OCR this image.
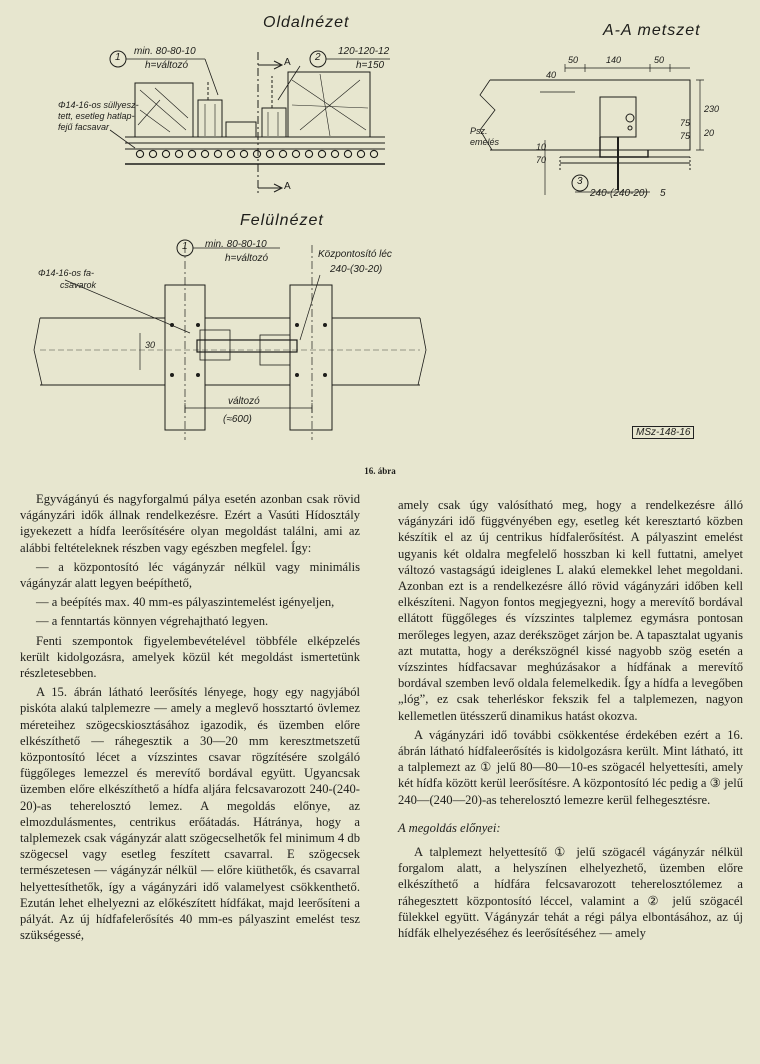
Oldalnézet	A-A metszet
Felülnézet
1
min. 80-80-10
h=változó
2
120-120-12
h=150
Φ14-16-os süllyesz-
tett, esetleg hatlap-
fejű facsavar
A
A
40
50	140	50
230
75
75 20
10
70
Psz.
emelés
3
240-(240-20) 5
1 min. 80-80-10
h=változó
Φ14-16-os fa-
csavarok
Központosító léc
240-(30-20)
30
változó
(≈600)
MSz-148-16
16. ábra

Egyvágányú és nagyforgalmú pálya esetén azonban csak rövid vágányzári idők állnak rendelkezésre. Ezért a Vasúti Hídosztály igyekezett a hídfa leerősítésére olyan megoldást találni, ami az alábbi feltételeknek részben vagy egészben megfelel. Így:

— a központosító léc vágányzár nélkül vagy minimális vágányzár alatt legyen beépíthető,

— a beépítés max. 40 mm-es pályaszintemelést igényeljen,

— a fenntartás könnyen végrehajtható legyen.

Fenti szempontok figyelembevételével többféle elképzelés került kidolgozásra, amelyek közül két megoldást ismertetünk részletesebben.

A 15. ábrán látható leerősítés lényege, hogy egy nagyjából piskóta alakú talplemezre — amely a meglevő hossztartó övlemez méreteihez szögecskiosztásához igazodik, és üzemben előre elkészíthető — ráhegesztik a 30—20 mm keresztmetszetű központosító lécet a vízszintes csavar rögzítésére szolgáló függőleges lemezzel és merevítő bordával együtt. Ugyancsak üzemben előre elkészíthető a hídfa aljára felcsavarozott 240-(240-20)-as teherelosztó lemez. A megoldás előnye, az elmozdulásmentes, centrikus erőátadás. Hátránya, hogy a talplemezek csak vágányzár alatt szögecselhetők fel minimum 4 db szögecsel vagy esetleg feszített csavarral. E szögecsek természetesen — vágányzár nélkül — előre kiüthetők, és csavarral helyettesíthetők, így a vágányzári idő valamelyest csökkenthető. Ezután lehet elhelyezni az előkészített hídfákat, majd leerősíteni a pályát. Az új hídfafelerősítés 40 mm-es pályaszint emelést tesz szükségessé,

amely csak úgy valósítható meg, hogy a rendelkezésre álló vágányzári idő függvényében egy, esetleg két keresztartó közben készítik el az új centrikus hídfalerősítést. A pályaszint emelést ugyanis két oldalra megfelelő hosszban ki kell futtatni, amelyet változó vastagságú ideiglenes L alakú elemekkel lehet megoldani. Azonban ezt is a rendelkezésre álló rövid vágányzári időben kell elkészíteni. Nagyon fontos megjegyezni, hogy a merevítő bordával ellátott függőleges és vízszintes talplemez egymásra pontosan merőleges legyen, azaz derékszöget zárjon be. A tapasztalat ugyanis azt mutatta, hogy a derékszögnél kissé nagyobb szög esetén a vízszintes hídfacsavar meghúzásakor a hídfának a merevítő bordával szemben levő oldala felemelkedik. Így a hídfa a levegőben „lóg”, ez csak teherléskor fekszik fel a talplemezen, nagyon kellemetlen ütésszerű dinamikus hatást okozva.

A vágányzári idő további csökkentése érdekében ezért a 16. ábrán látható hídfaleerősítés is kidolgozásra került. Mint látható, itt a talplemezt az ① jelű 80—80—10-es szögacél helyettesíti, amely két hídfa között kerül leerősítésre. A központosító léc pedig a ③ jelű 240—(240—20)-as teherelosztó lemezre kerül felhegesztésre.

A megoldás előnyei:

A talplemezt helyettesítő ① jelű szögacél vágányzár nélkül forgalom alatt, a helyszínen elhelyezhető, üzemben előre elkészíthető a hídfára felcsavarozott teherelosztólemez a ráhegesztett központosító léccel, valamint a ② jelű szögacél fülekkel együtt. Vágányzár tehát a régi pálya elbontásához, az új hídfák elhelyezéséhez és leerősítéséhez — amely
